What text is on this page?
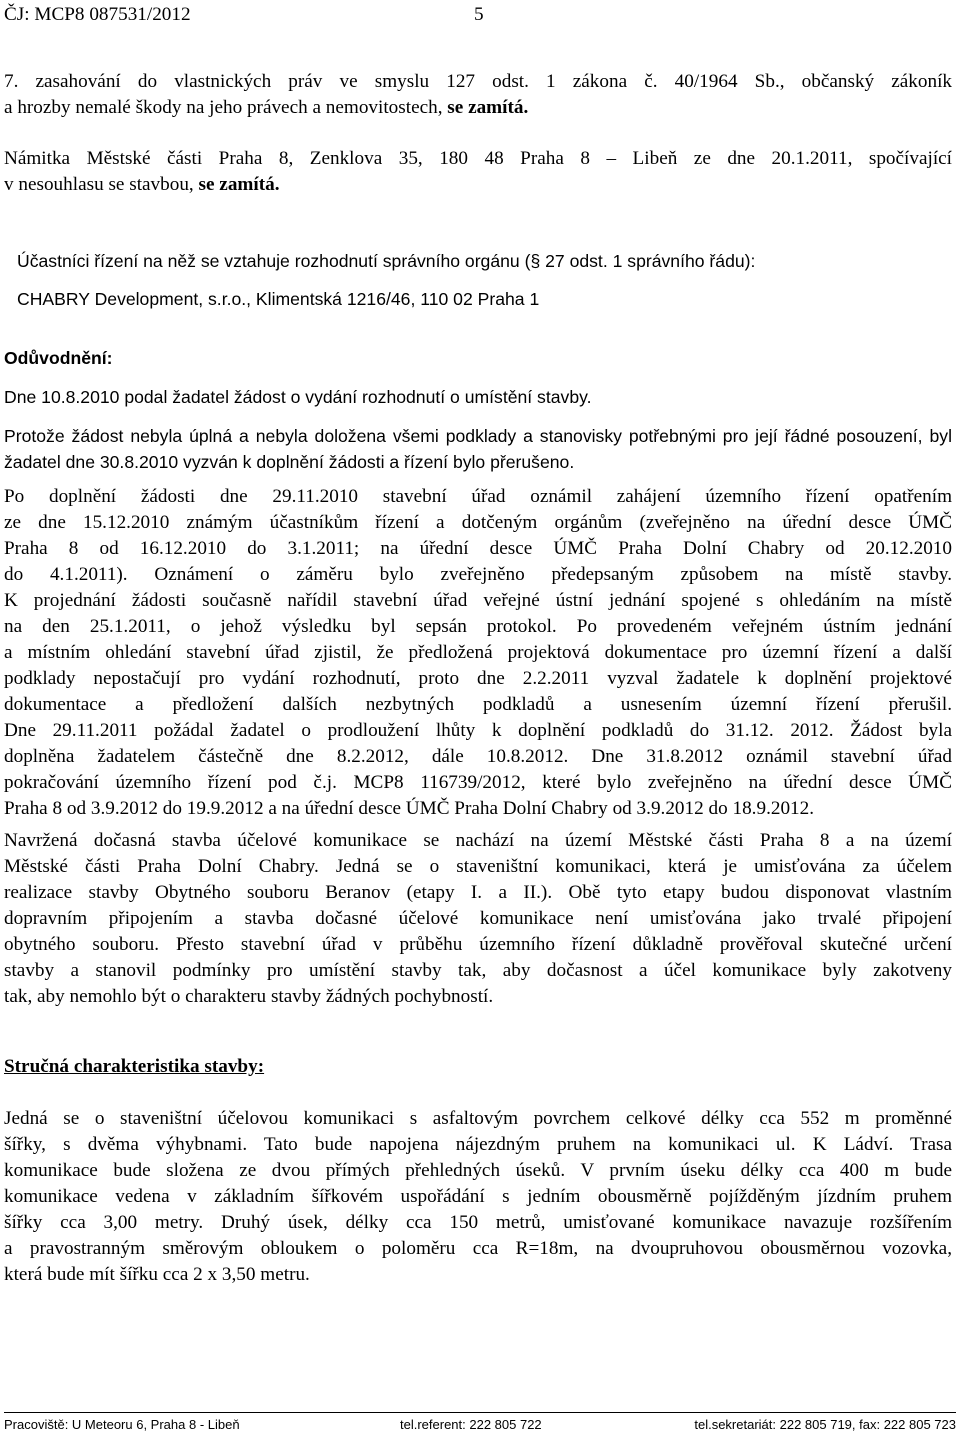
ČJ: MCP8 087531/2012	5
7. zasahování do vlastnických práv ve smyslu 127 odst. 1 zákona č. 40/1964 Sb., občanský zákoník
a hrozby nemalé škody na jeho právech a nemovitostech, se zamítá.
Námitka Městské části Praha 8, Zenklova 35, 180 48 Praha 8 – Libeň ze dne 20.1.2011, spočívající
v nesouhlasu se stavbou, se zamítá.
Účastníci řízení na něž se vztahuje rozhodnutí správního orgánu (§ 27 odst. 1 správního řádu):
CHABRY Development, s.r.o., Klimentská 1216/46, 110 02 Praha 1
Odůvodnění:
Dne 10.8.2010 podal žadatel žádost o vydání rozhodnutí o umístění stavby.
Protože žádost nebyla úplná a nebyla doložena všemi podklady a stanovisky potřebnými pro její řádné posouzení, byl žadatel dne 30.8.2010 vyzván k doplnění žádosti a řízení bylo přerušeno.
Po doplnění žádosti dne 29.11.2010 stavební úřad oznámil zahájení územního řízení opatřením
ze dne 15.12.2010 známým účastníkům řízení a dotčeným orgánům (zveřejněno na úřední desce ÚMČ
Praha 8 od 16.12.2010 do 3.1.2011; na úřední desce ÚMČ Praha Dolní Chabry od 20.12.2010
do 4.1.2011). Oznámení o záměru bylo zveřejněno předepsaným způsobem na místě stavby.
K projednání žádosti současně nařídil stavební úřad veřejné ústní jednání spojené s ohledáním na místě
na den 25.1.2011, o jehož výsledku byl sepsán protokol. Po provedeném veřejném ústním jednání
a místním ohledání stavební úřad zjistil, že předložená projektová dokumentace pro územní řízení a další
podklady nepostačují pro vydání rozhodnutí, proto dne 2.2.2011 vyzval žadatele k doplnění projektové
dokumentace a předložení dalších nezbytných podkladů a usnesením územní řízení přerušil.
Dne 29.11.2011 požádal žadatel o prodloužení lhůty k doplnění podkladů do 31.12. 2012. Žádost byla
doplněna žadatelem částečně dne 8.2.2012, dále 10.8.2012. Dne 31.8.2012 oznámil stavební úřad
pokračování územního řízení pod č.j. MCP8 116739/2012, které bylo zveřejněno na úřední desce ÚMČ
Praha 8 od 3.9.2012 do 19.9.2012 a na úřední desce ÚMČ Praha Dolní Chabry od 3.9.2012 do 18.9.2012.
Navržená dočasná stavba účelové komunikace se nachází na území Městské části Praha 8 a na území
Městské části Praha Dolní Chabry. Jedná se o staveništní komunikaci, která je umisťována za účelem
realizace stavby Obytného souboru Beranov (etapy I. a II.). Obě tyto etapy budou disponovat vlastním
dopravním připojením a stavba dočasné účelové komunikace není umisťována jako trvalé připojení
obytného souboru. Přesto stavební úřad v průběhu územního řízení důkladně prověřoval skutečné určení
stavby a stanovil podmínky pro umístění stavby tak, aby dočasnost a účel komunikace byly zakotveny
tak, aby nemohlo být o charakteru stavby žádných pochybností.
Stručná charakteristika stavby:
Jedná se o staveništní účelovou komunikaci s asfaltovým povrchem celkové délky cca 552 m proměnné
šířky, s dvěma výhybnami. Tato bude napojena nájezdným pruhem na komunikaci ul. K Ládví. Trasa
komunikace bude složena ze dvou přímých přehledných úseků. V prvním úseku délky cca 400 m bude
komunikace vedena v základním šířkovém uspořádání s jedním obousměrně pojížděným jízdním pruhem
šířky cca 3,00 metry. Druhý úsek, délky cca 150 metrů, umisťované komunikace navazuje rozšířením
a pravostranným směrovým obloukem o poloměru cca R=18m, na dvoupruhovou obousměrnou vozovka,
která bude mít šířku cca 2 x 3,50 metru.
Pracoviště: U Meteoru 6, Praha 8 - Libeň	tel.referent: 222 805 722	tel.sekretariát: 222 805 719, fax: 222 805 723
